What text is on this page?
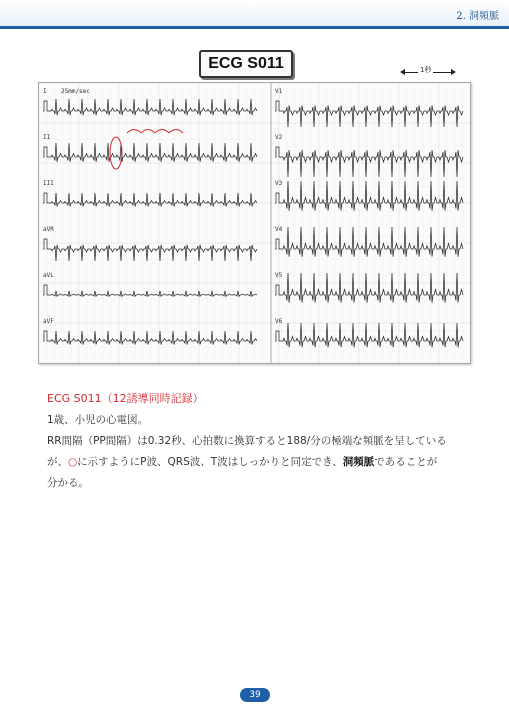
2. 洞頻脈
ECG S011	1秒
I
II
III
aVR
aVL
aVF
V1
V2
V3
V4
V5
V6
25mm/sec
ECG S011（12誘導同時記録）

1歳、小児の心電図。

RR間隔（PP間隔）は0.32秒、心拍数に換算すると188/分の極端な頻脈を呈している

が、○に示すようにP波、QRS波、T波はしっかりと同定でき、洞頻脈であることが

分かる。

39
